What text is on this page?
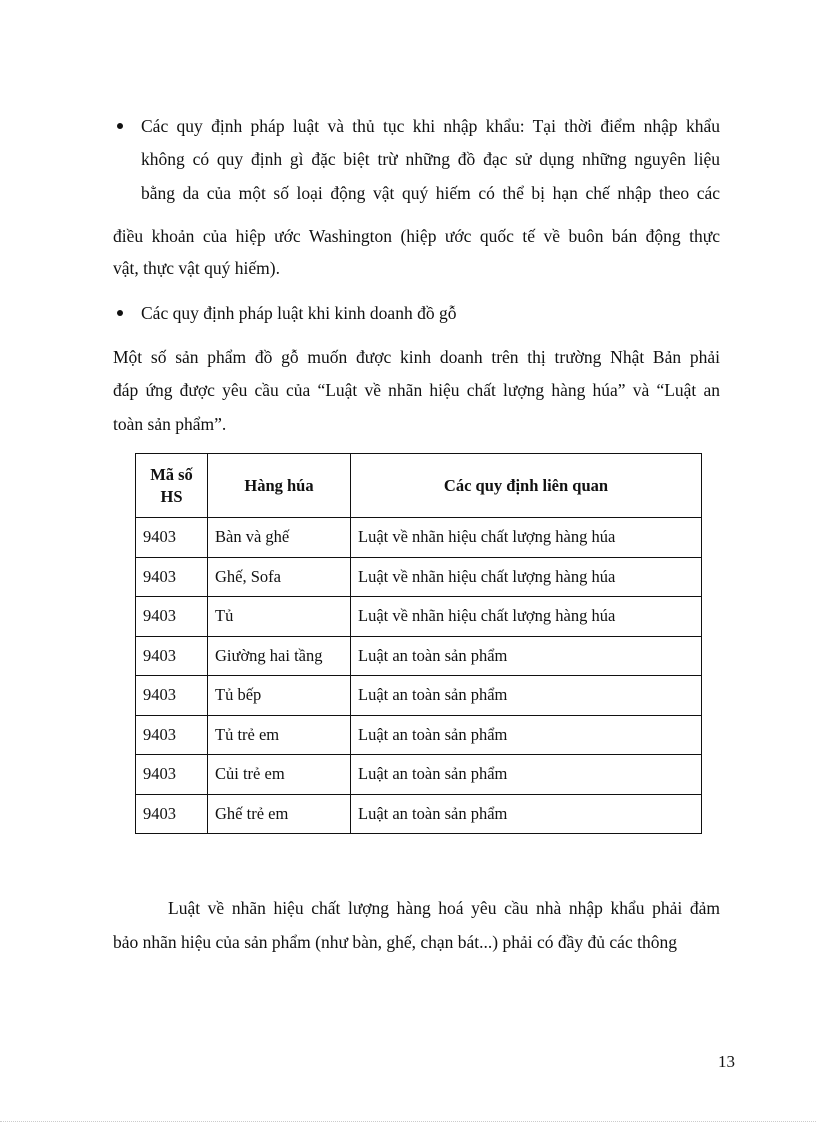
Các quy định pháp luật và thủ tục khi nhập khẩu: Tại thời điểm nhập khẩu
không có quy định gì đặc biệt trừ những đồ đạc sử dụng những nguyên liệu
bằng da của một số loại động vật quý hiếm có thể bị hạn chế nhập theo các
điều khoản của hiệp ước Washington (hiệp ước quốc tế về buôn bán động thực
vật, thực vật quý hiếm).
Các quy định pháp luật khi kinh doanh đồ gỗ
Một số sản phẩm đồ gỗ muốn được kinh doanh trên thị trường Nhật Bản phải
đáp ứng được yêu cầu của “Luật về nhãn hiệu chất lượng hàng húa” và “Luật an
toàn sản phẩm”.
Mã số HS	Hàng húa	Các quy định liên quan
9403	Bàn và ghế	Luật về nhãn hiệu chất lượng hàng húa
9403	Ghế, Sofa	Luật về nhãn hiệu chất lượng hàng húa
9403	Tủ	Luật về nhãn hiệu chất lượng hàng húa
9403	Giường hai tầng	Luật an toàn sản phẩm
9403	Tủ bếp	Luật an toàn sản phẩm
9403	Tủ trẻ em	Luật an toàn sản phẩm
9403	Củi trẻ em	Luật an toàn sản phẩm
9403	Ghế trẻ em	Luật an toàn sản phẩm
Luật về nhãn hiệu chất lượng hàng hoá yêu cầu nhà nhập khẩu phải đảm
bảo nhãn hiệu của sản phẩm (như bàn, ghế, chạn bát...) phải có đầy đủ các thông
13
